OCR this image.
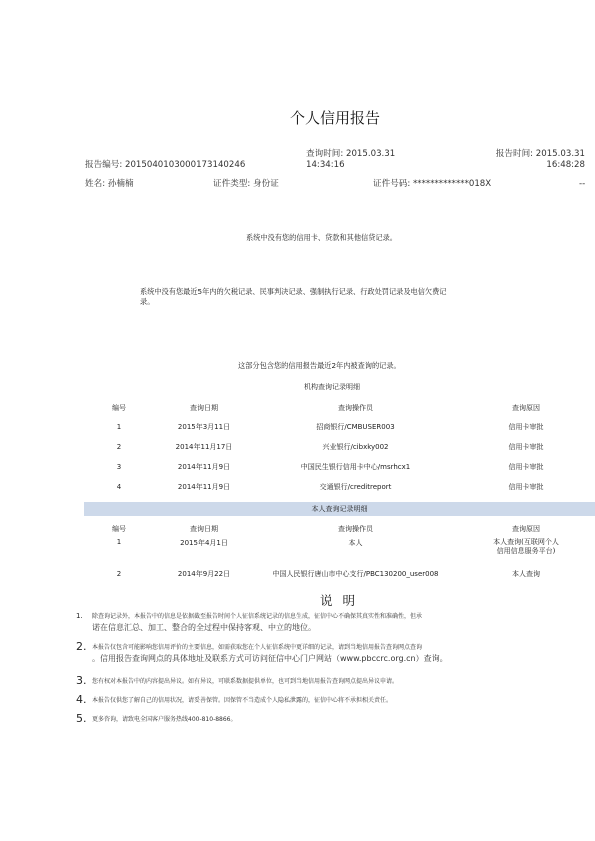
个人信用报告
查询时间: 2015.03.31
14:34:16
报告时间: 2015.03.31
16:48:28
报告编号: 2015040103000173140246
姓名: 孙楠楠	证件类型: 身份证	证件号码: *************018X	--
系统中没有您的信用卡、贷款和其他信贷记录。
系统中没有您最近5年内的欠税记录、民事判决记录、强制执行记录、行政处罚记录及电信欠费记
录。
这部分包含您的信用报告最近2年内被查询的记录。
机构查询记录明细
编号	查询日期	查询操作员	查询原因
1	2015年3月11日	招商银行/CMBUSER003	信用卡审批
2	2014年11月17日	兴业银行/cibxky002	信用卡审批
3	2014年11月9日	中国民生银行信用卡中心/msrhcx1	信用卡审批
4	2014年11月9日	交通银行/creditreport	信用卡审批
本人查询记录明细
编号	查询日期	查询操作员	查询原因
1	2015年4月1日	本人	本人查询(互联网个人
信用信息服务平台)

2	2014年9月22日	中国人民银行唐山市中心支行/PBC130200_user008	本人查询
说 明
1. 除查询记录外，本报告中的信息是依据截至报告时间个人征信系统记录的信息生成，征信中心不确保其真实性和准确性，但承
诺在信息汇总、加工、整合的全过程中保持客观、中立的地位。
2. 本报告仅包含可能影响您信用评价的主要信息，如需获取您在个人征信系统中更详细的记录，请到当地信用报告查询网点查询
。信用报告查询网点的具体地址及联系方式可访问征信中心门户网站（www.pbccrc.org.cn）查询。
3. 您有权对本报告中的内容提出异议。如有异议，可联系数据提供单位，也可到当地信用报告查询网点提出异议申请。
4. 本报告仅供您了解自己的信用状况，请妥善保管。因保管不当造成个人隐私泄露的，征信中心将不承担相关责任。
5. 更多咨询，请致电全国客户服务热线400-810-8866。
